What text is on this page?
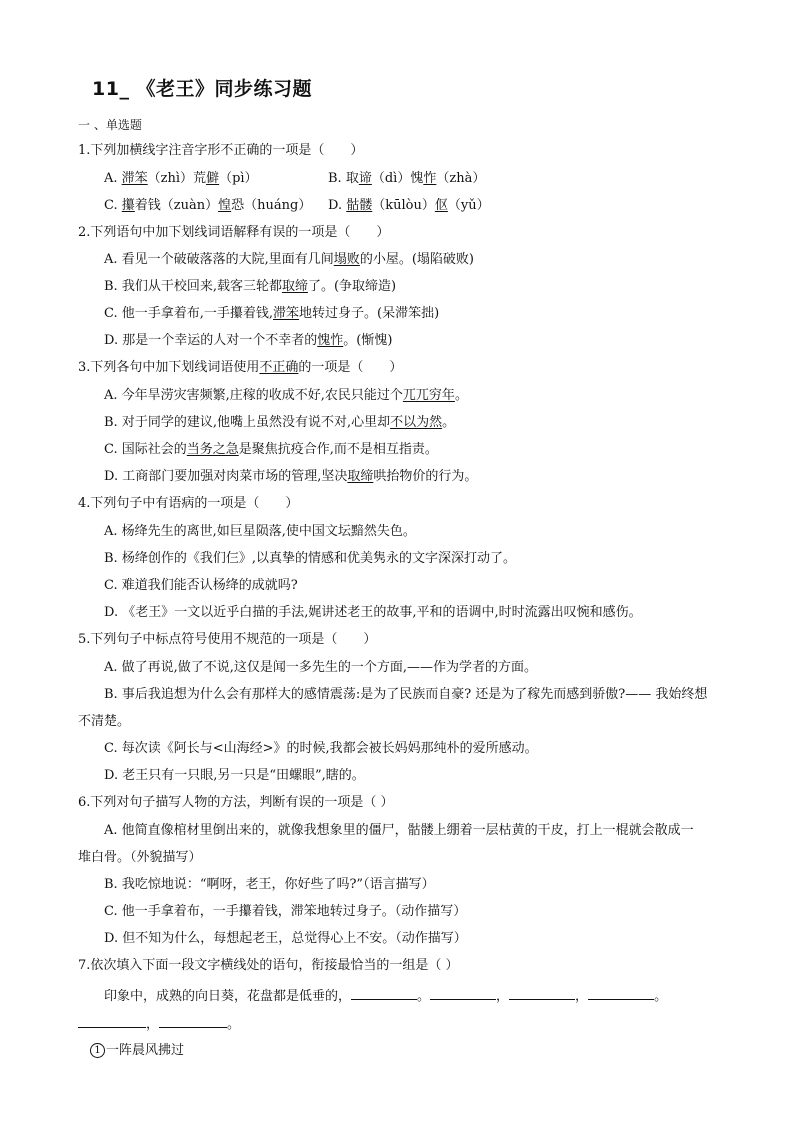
11_ 《老王》同步练习题
一 、单选题
1.下列加横线字注音字形不正确的一项是（　　）
A. 滞笨（zhì）荒僻（pì）	B. 取谛（dì）愧怍（zhà）
C. 攥着钱（zuàn）惶恐（huáng） D. 骷髅（kūlòu）伛（yǔ）
2.下列语句中加下划线词语解释有误的一项是（　　）
A. 看见一个破破落落的大院,里面有几间塌败的小屋。(塌陷破败)
B. 我们从干校回来,载客三轮都取缔了。(争取缔造)
C. 他一手拿着布,一手攥着钱,滞笨地转过身子。(呆滞笨拙)
D. 那是一个幸运的人对一个不幸者的愧怍。(惭愧)
3.下列各句中加下划线词语使用不正确的一项是（　　）
A. 今年旱涝灾害频繁,庄稼的收成不好,农民只能过个兀兀穷年。
B. 对于同学的建议,他嘴上虽然没有说不对,心里却不以为然。
C. 国际社会的当务之急是聚焦抗疫合作,而不是相互指责。
D. 工商部门要加强对肉菜市场的管理,坚决取缔哄抬物价的行为。
4.下列句子中有语病的一项是（　　）
A. 杨绛先生的离世,如巨星陨落,使中国文坛黯然失色。
B. 杨绛创作的《我们仨》,以真挚的情感和优美隽永的文字深深打动了。
C. 难道我们能否认杨绛的成就吗?
D. 《老王》一文以近乎白描的手法,娓讲述老王的故事,平和的语调中,时时流露出叹惋和感伤。
5.下列句子中标点符号使用不规范的一项是（　　）
A. 做了再说,做了不说,这仅是闻一多先生的一个方面,——作为学者的方面。
B. 事后我追想为什么会有那样大的感情震荡:是为了民族而自豪? 还是为了稼先而感到骄傲?—— 我始终想
不清楚。
C. 每次读《阿长与<山海经>》的时候,我都会被长妈妈那纯朴的爱所感动。
D. 老王只有一只眼,另一只是“田螺眼”,瞎的。
6.下列对句子描写人物的方法，判断有误的一项是（ ）
A. 他简直像棺材里倒出来的，就像我想象里的僵尸，骷髅上绷着一层枯黄的干皮，打上一棍就会散成一
堆白骨。（外貌描写）
B. 我吃惊地说：“啊呀，老王，你好些了吗?”（语言描写）
C. 他一手拿着布，一手攥着钱，滞笨地转过身子。（动作描写）
D. 但不知为什么，每想起老王，总觉得心上不安。（动作描写）
7.依次填入下面一段文字横线处的语句，衔接最恰当的一组是（ ）
印象中，成熟的向日葵，花盘都是低垂的，	。	，	，	。
，	。
1 一阵晨风拂过
